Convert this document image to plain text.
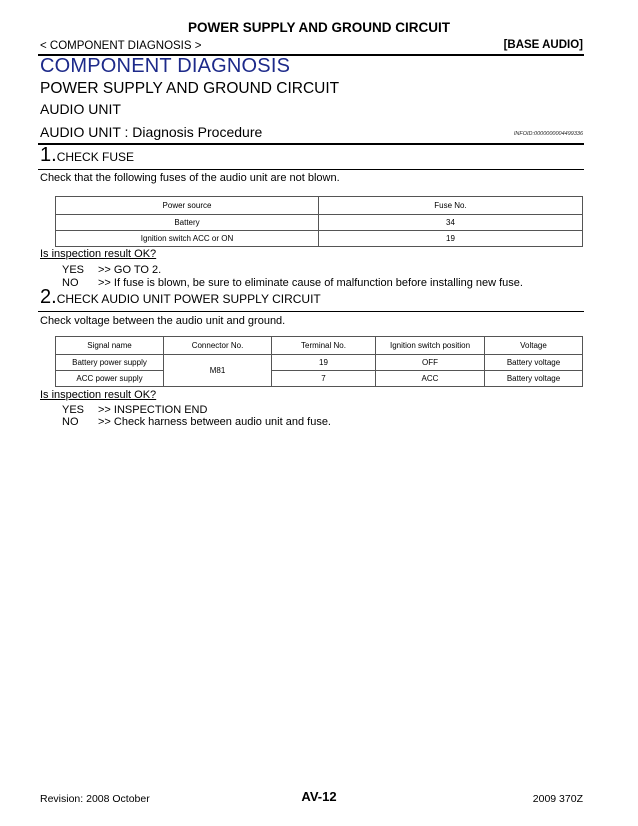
POWER SUPPLY AND GROUND CIRCUIT
< COMPONENT DIAGNOSIS >	[BASE AUDIO]
COMPONENT DIAGNOSIS
POWER SUPPLY AND GROUND CIRCUIT
AUDIO UNIT
AUDIO UNIT : Diagnosis Procedure	INFOID:0000000004499336
1.CHECK FUSE
Check that the following fuses of the audio unit are not blown.
Power source	Fuse No.
Battery	34
Ignition switch ACC or ON	19
Is inspection result OK?
YES >> GO TO 2.
NO >> If fuse is blown, be sure to eliminate cause of malfunction before installing new fuse.
2.CHECK AUDIO UNIT POWER SUPPLY CIRCUIT
Check voltage between the audio unit and ground.
Signal name	Connector No.	Terminal No.	Ignition switch position	Voltage
Battery power supply	M81	19	OFF	Battery voltage
ACC power supply		7	ACC	Battery voltage
Is inspection result OK?
YES >> INSPECTION END
NO >> Check harness between audio unit and fuse.
Revision: 2008 October	AV-12	2009 370Z
